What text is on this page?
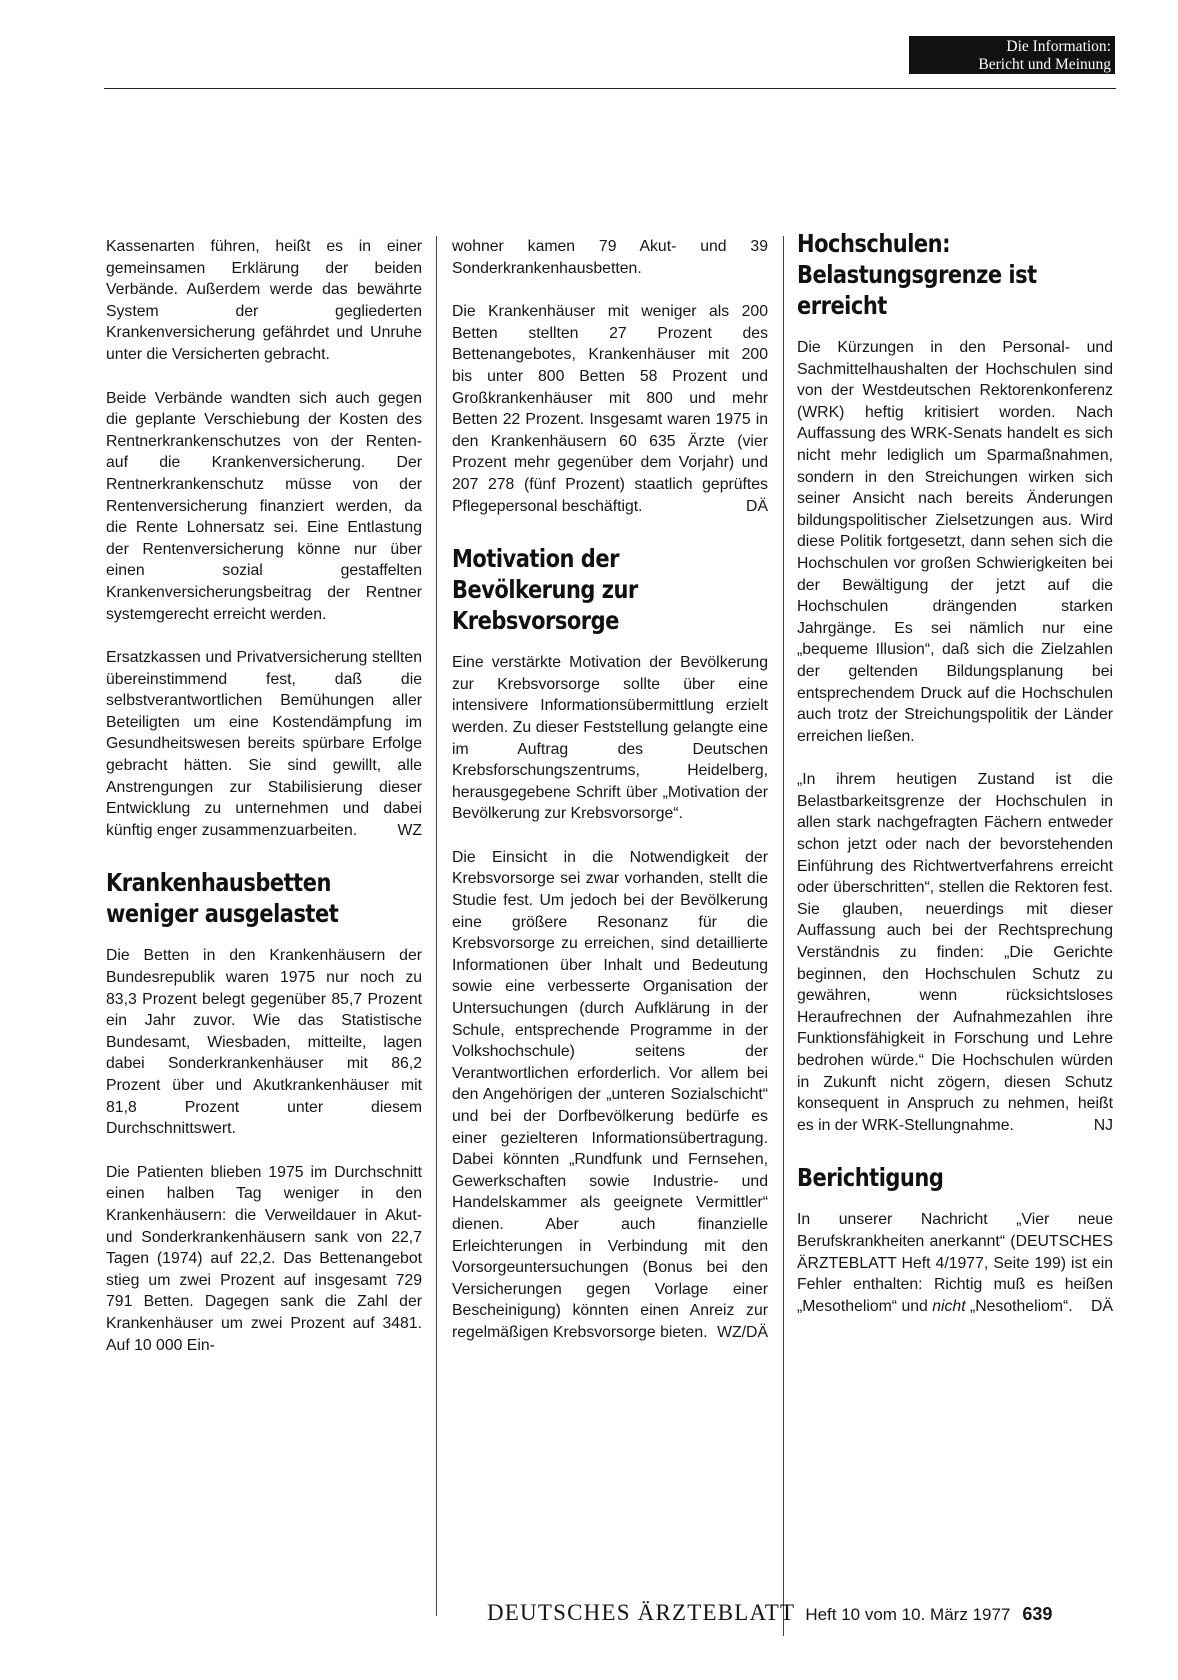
Die Information:
Bericht und Meinung

Kassenarten führen, heißt es in einer gemeinsamen Erklärung der beiden Verbände. Außerdem werde das bewährte System der gegliederten Krankenversicherung gefährdet und Unruhe unter die Versicherten gebracht.

Beide Verbände wandten sich auch gegen die geplante Verschiebung der Kosten des Rentnerkrankenschutzes von der Renten- auf die Krankenversicherung. Der Rentnerkrankenschutz müsse von der Rentenversicherung finanziert werden, da die Rente Lohnersatz sei. Eine Entlastung der Rentenversicherung könne nur über einen sozial gestaffelten Krankenversicherungsbeitrag der Rentner systemgerecht erreicht werden.

Ersatzkassen und Privatversicherung stellten übereinstimmend fest, daß die selbstverantwortlichen Bemühungen aller Beteiligten um eine Kostendämpfung im Gesundheitswesen bereits spürbare Erfolge gebracht hätten. Sie sind gewillt, alle Anstrengungen zur Stabilisierung dieser Entwicklung zu unternehmen und dabei künftig enger zusammenzuarbeiten.	WZ

Krankenhausbetten weniger ausgelastet

Die Betten in den Krankenhäusern der Bundesrepublik waren 1975 nur noch zu 83,3 Prozent belegt gegenüber 85,7 Prozent ein Jahr zuvor. Wie das Statistische Bundesamt, Wiesbaden, mitteilte, lagen dabei Sonderkrankenhäuser mit 86,2 Prozent über und Akutkrankenhäuser mit 81,8 Prozent unter diesem Durchschnittswert.

Die Patienten blieben 1975 im Durchschnitt einen halben Tag weniger in den Krankenhäusern: die Verweildauer in Akut- und Sonderkrankenhäusern sank von 22,7 Tagen (1974) auf 22,2. Das Bettenangebot stieg um zwei Prozent auf insgesamt 729 791 Betten. Dagegen sank die Zahl der Krankenhäuser um zwei Prozent auf 3481. Auf 10 000 Ein-

wohner kamen 79 Akut- und 39 Sonderkrankenhausbetten.

Die Krankenhäuser mit weniger als 200 Betten stellten 27 Prozent des Bettenangebotes, Krankenhäuser mit 200 bis unter 800 Betten 58 Prozent und Großkrankenhäuser mit 800 und mehr Betten 22 Prozent. Insgesamt waren 1975 in den Krankenhäusern 60 635 Ärzte (vier Prozent mehr gegenüber dem Vorjahr) und 207 278 (fünf Prozent) staatlich geprüftes Pflegepersonal beschäftigt.	DÄ

Motivation der Bevölkerung zur Krebsvorsorge

Eine verstärkte Motivation der Bevölkerung zur Krebsvorsorge sollte über eine intensivere Informationsübermittlung erzielt werden. Zu dieser Feststellung gelangte eine im Auftrag des Deutschen Krebsforschungszentrums, Heidelberg, herausgegebene Schrift über „Motivation der Bevölkerung zur Krebsvorsorge“.

Die Einsicht in die Notwendigkeit der Krebsvorsorge sei zwar vorhanden, stellt die Studie fest. Um jedoch bei der Bevölkerung eine größere Resonanz für die Krebsvorsorge zu erreichen, sind detaillierte Informationen über Inhalt und Bedeutung sowie eine verbesserte Organisation der Untersuchungen (durch Aufklärung in der Schule, entsprechende Programme in der Volkshochschule) seitens der Verantwortlichen erforderlich. Vor allem bei den Angehörigen der „unteren Sozialschicht“ und bei der Dorfbevölkerung bedürfe es einer gezielteren Informationsübertragung. Dabei könnten „Rundfunk und Fernsehen, Gewerkschaften sowie Industrie- und Handelskammer als geeignete Vermittler“ dienen. Aber auch finanzielle Erleichterungen in Verbindung mit den Vorsorgeuntersuchungen (Bonus bei den Versicherungen gegen Vorlage einer Bescheinigung) könnten einen Anreiz zur regelmäßigen Krebsvorsorge bieten. WZ/DÄ

Hochschulen: Belastungsgrenze ist erreicht

Die Kürzungen in den Personal- und Sachmittelhaushalten der Hochschulen sind von der Westdeutschen Rektorenkonferenz (WRK) heftig kritisiert worden. Nach Auffassung des WRK-Senats handelt es sich nicht mehr lediglich um Sparmaßnahmen, sondern in den Streichungen wirken sich seiner Ansicht nach bereits Änderungen bildungspolitischer Zielsetzungen aus. Wird diese Politik fortgesetzt, dann sehen sich die Hochschulen vor großen Schwierigkeiten bei der Bewältigung der jetzt auf die Hochschulen drängenden starken Jahrgänge. Es sei nämlich nur eine „bequeme Illusion“, daß sich die Zielzahlen der geltenden Bildungsplanung bei entsprechendem Druck auf die Hochschulen auch trotz der Streichungspolitik der Länder erreichen ließen.

„In ihrem heutigen Zustand ist die Belastbarkeitsgrenze der Hochschulen in allen stark nachgefragten Fächern entweder schon jetzt oder nach der bevorstehenden Einführung des Richtwertverfahrens erreicht oder überschritten“, stellen die Rektoren fest. Sie glauben, neuerdings mit dieser Auffassung auch bei der Rechtsprechung Verständnis zu finden: „Die Gerichte beginnen, den Hochschulen Schutz zu gewähren, wenn rücksichtsloses Heraufrechnen der Aufnahmezahlen ihre Funktionsfähigkeit in Forschung und Lehre bedrohen würde.“ Die Hochschulen würden in Zukunft nicht zögern, diesen Schutz konsequent in Anspruch zu nehmen, heißt es in der WRK-Stellungnahme.	NJ

Berichtigung

In unserer Nachricht „Vier neue Berufskrankheiten anerkannt“ (DEUTSCHES ÄRZTEBLATT Heft 4/1977, Seite 199) ist ein Fehler enthalten: Richtig muß es heißen „Mesotheliom“ und nicht „Nesotheliom“. DÄ

DEUTSCHES ÄRZTEBLATT Heft 10 vom 10. März 1977 639
